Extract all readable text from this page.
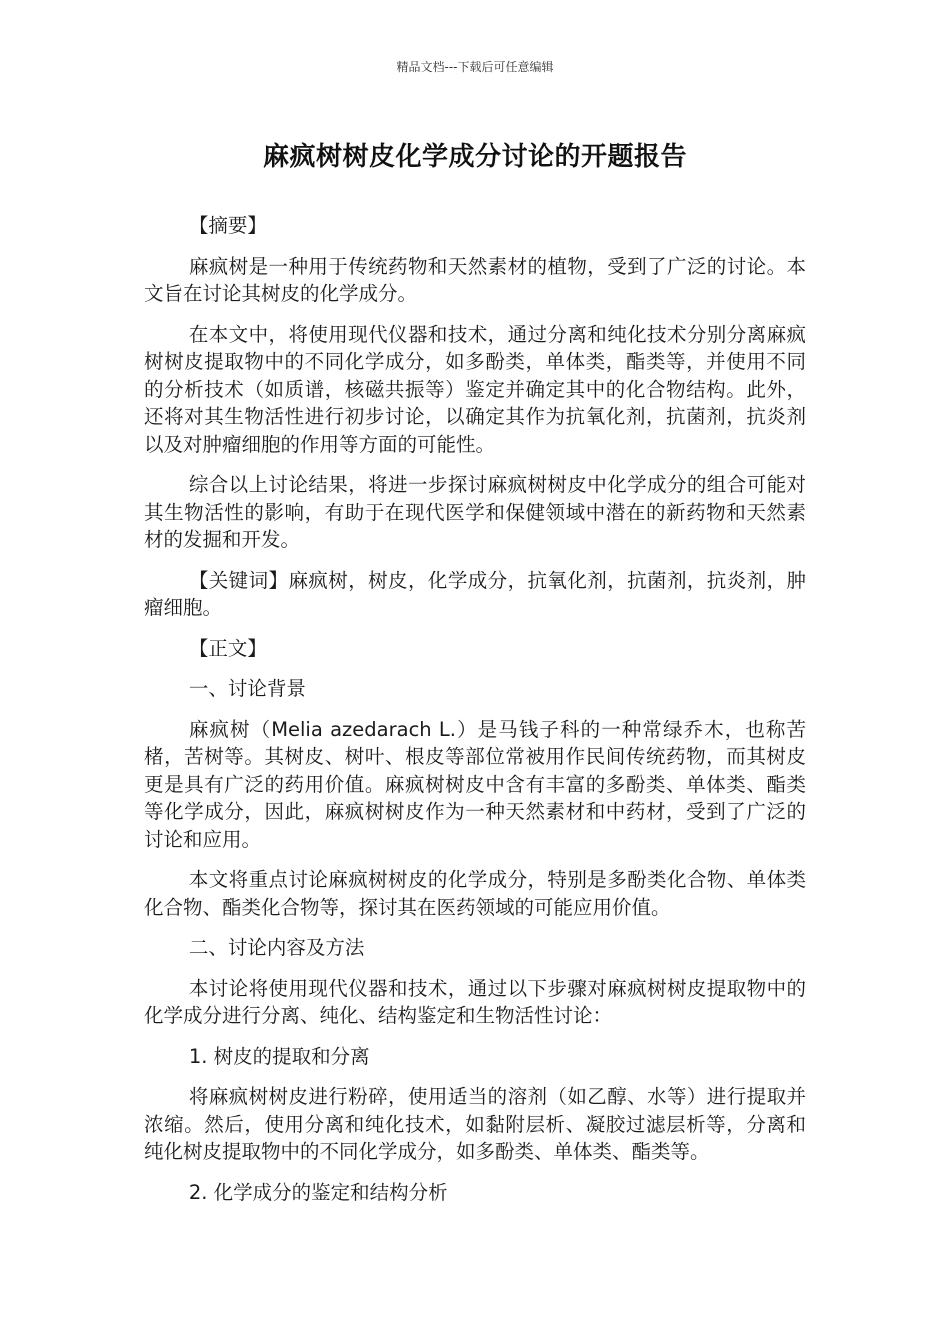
精品文档---下载后可任意编辑
麻疯树树皮化学成分讨论的开题报告

【摘要】

麻疯树是一种用于传统药物和天然素材的植物，受到了广泛的讨论。本文旨在讨论其树皮的化学成分。

在本文中，将使用现代仪器和技术，通过分离和纯化技术分别分离麻疯树树皮提取物中的不同化学成分，如多酚类，单体类，酯类等，并使用不同的分析技术（如质谱，核磁共振等）鉴定并确定其中的化合物结构。此外，还将对其生物活性进行初步讨论，以确定其作为抗氧化剂，抗菌剂，抗炎剂以及对肿瘤细胞的作用等方面的可能性。

综合以上讨论结果，将进一步探讨麻疯树树皮中化学成分的组合可能对其生物活性的影响，有助于在现代医学和保健领域中潜在的新药物和天然素材的发掘和开发。

【关键词】麻疯树，树皮，化学成分，抗氧化剂，抗菌剂，抗炎剂，肿瘤细胞。

【正文】

一、讨论背景

麻疯树（Melia azedarach L.）是马钱子科的一种常绿乔木，也称苦楮，苦树等。其树皮、树叶、根皮等部位常被用作民间传统药物，而其树皮更是具有广泛的药用价值。麻疯树树皮中含有丰富的多酚类、单体类、酯类等化学成分，因此，麻疯树树皮作为一种天然素材和中药材，受到了广泛的讨论和应用。

本文将重点讨论麻疯树树皮的化学成分，特别是多酚类化合物、单体类化合物、酯类化合物等，探讨其在医药领域的可能应用价值。

二、讨论内容及方法

本讨论将使用现代仪器和技术，通过以下步骤对麻疯树树皮提取物中的化学成分进行分离、纯化、结构鉴定和生物活性讨论：

1. 树皮的提取和分离

将麻疯树树皮进行粉碎，使用适当的溶剂（如乙醇、水等）进行提取并浓缩。然后，使用分离和纯化技术，如黏附层析、凝胶过滤层析等，分离和纯化树皮提取物中的不同化学成分，如多酚类、单体类、酯类等。

2. 化学成分的鉴定和结构分析
